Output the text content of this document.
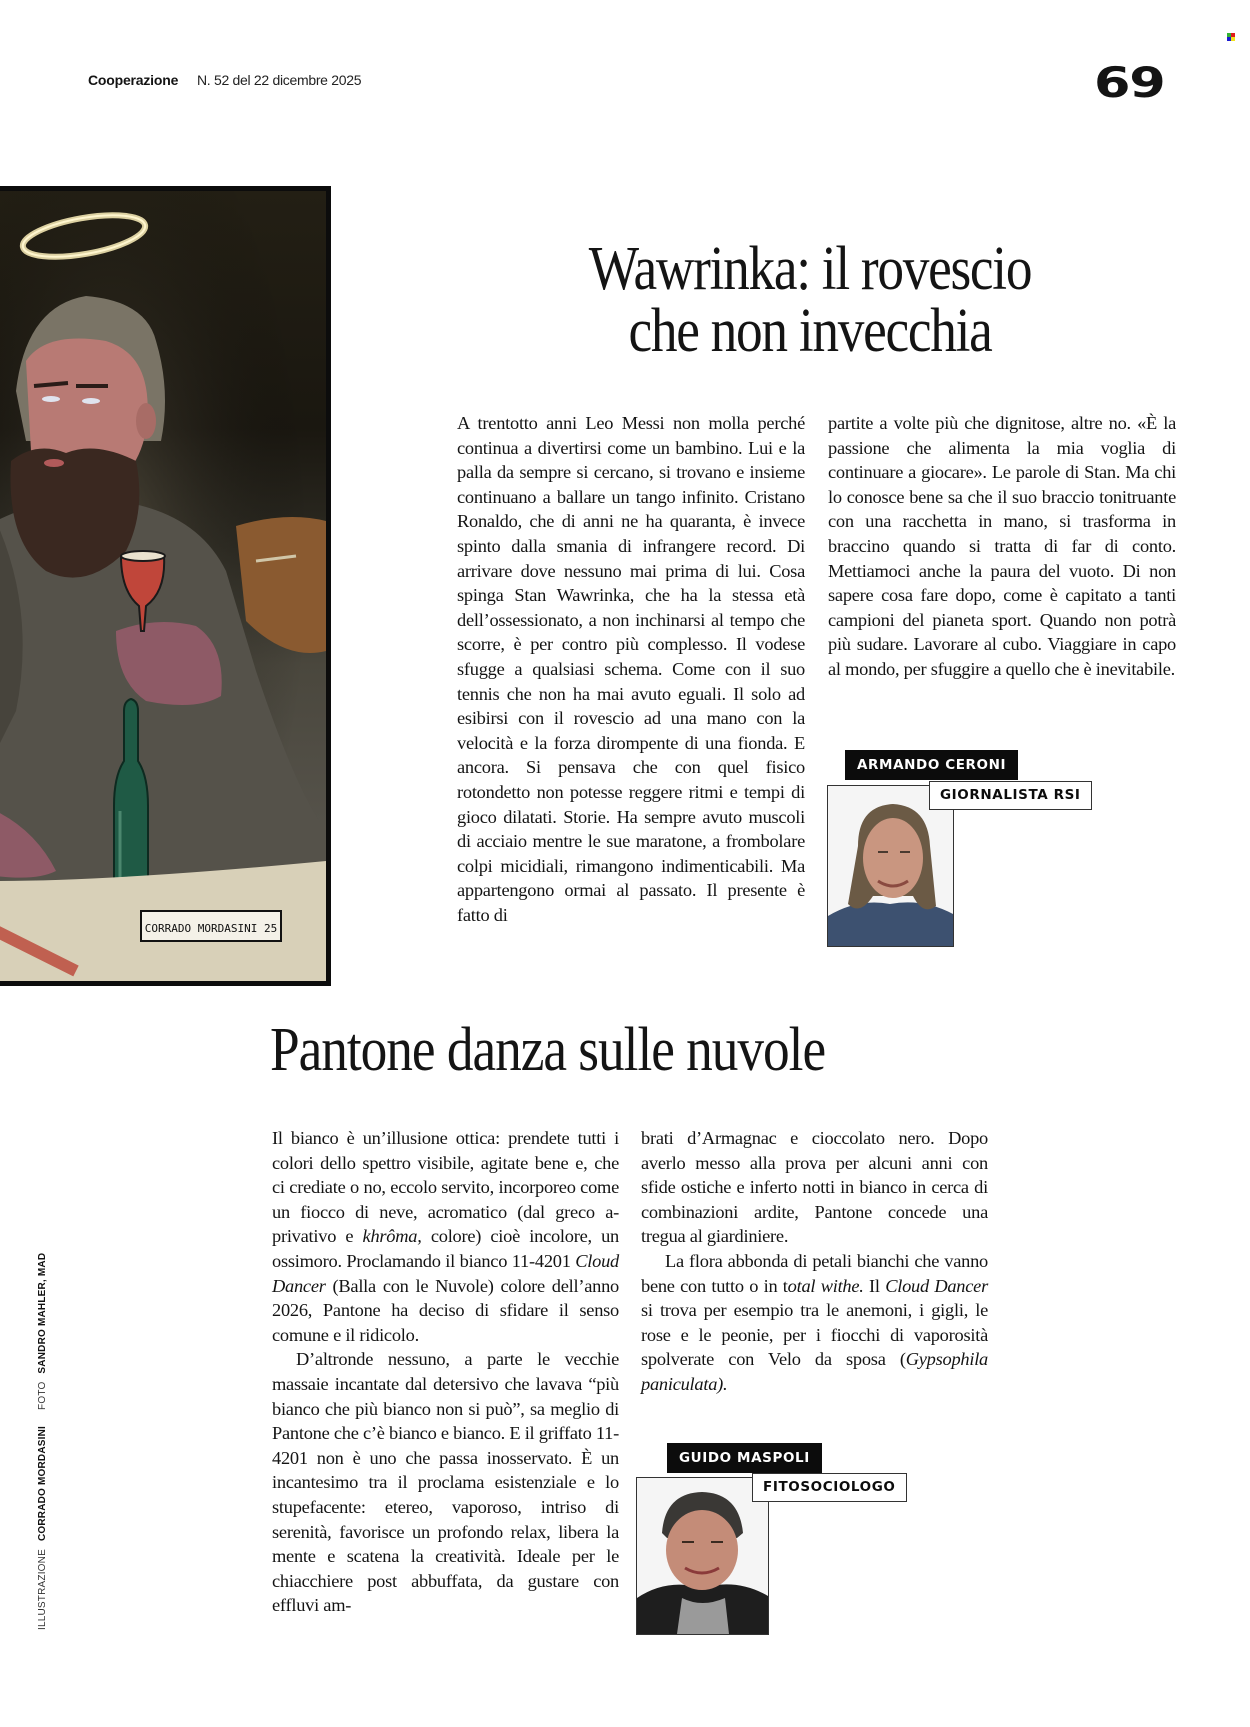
Cooperazione N. 52 del 22 dicembre 2025	69
CORRADO MORDASINI 25
Wawrinka: il rovescio
che non invecchia

A trentotto anni Leo Messi non molla perché continua a divertirsi come un bambino. Lui e la palla da sempre si cercano, si trovano e insieme continuano a ballare un tango infinito. Cristano Ronaldo, che di anni ne ha quaranta, è invece spinto dalla smania di infrangere record. Di arrivare dove nessuno mai prima di lui. Cosa spinga Stan Wawrinka, che ha la stessa età dell’ossessionato, a non inchinarsi al tempo che scorre, è per contro più complesso. Il vodese sfugge a qualsiasi schema. Come con il suo tennis che non ha mai avuto eguali. Il solo ad esibirsi con il rovescio ad una mano con la velocità e la forza dirompente di una fionda. E ancora. Si pensava che con quel fisico rotondetto non potesse reggere ritmi e tempi di gioco dilatati. Storie. Ha sempre avuto muscoli di acciaio mentre le sue maratone, a frombolare colpi micidiali, rimangono indimenticabili. Ma appartengono ormai al passato. Il presente è fatto di

partite a volte più che dignitose, altre no. «È la passione che alimenta la mia voglia di continuare a giocare». Le parole di Stan. Ma chi lo conosce bene sa che il suo braccio tonitruante con una racchetta in mano, si trasforma in braccino quando si tratta di far di conto. Mettiamoci anche la paura del vuoto. Di non sapere cosa fare dopo, come è capitato a tanti campioni del pianeta sport. Quando non potrà più sudare. Lavorare al cubo. Viaggiare in capo al mondo, per sfuggire a quello che è inevitabile.

ARMANDO CERONI
GIORNALISTA RSI
Pantone danza sulle nuvole

Il bianco è un’illusione ottica: prendete tutti i colori dello spettro visibile, agitate bene e, che ci crediate o no, eccolo servito, incorporeo come un fiocco di neve, acromatico (dal greco a- privativo e khrôma, colore) cioè incolore, un ossimoro. Proclamando il bianco 11-4201 Cloud Dancer (Balla con le Nuvole) colore dell’anno 2026, Pantone ha deciso di sfidare il senso comune e il ridicolo.

D’altronde nessuno, a parte le vecchie massaie incantate dal detersivo che lavava “più bianco che più bianco non si può”, sa meglio di Pantone che c’è bianco e bianco. E il griffato 11-4201 non è uno che passa inosservato. È un incantesimo tra il proclama esistenziale e lo stupefacente: etereo, vaporoso, intriso di serenità, favorisce un profondo relax, libera la mente e scatena la creatività. Ideale per le chiacchiere post abbuffata, da gustare con effluvi am-

brati d’Armagnac e cioccolato nero. Dopo averlo messo alla prova per alcuni anni con sfide ostiche e inferto notti in bianco in cerca di combinazioni ardite, Pantone concede una tregua al giardiniere.

La flora abbonda di petali bianchi che vanno bene con tutto o in total withe. Il Cloud Dancer si trova per esempio tra le anemoni, i gigli, le rose e le peonie, per i fiocchi di vaporosità spolverate con Velo da sposa (Gypsophila paniculata).

GUIDO MASPOLI
FITOSOCIOLOGO
ILLUSTRAZIONECORRADO MORDASINIFOTOSANDRO MAHLER, MAD
